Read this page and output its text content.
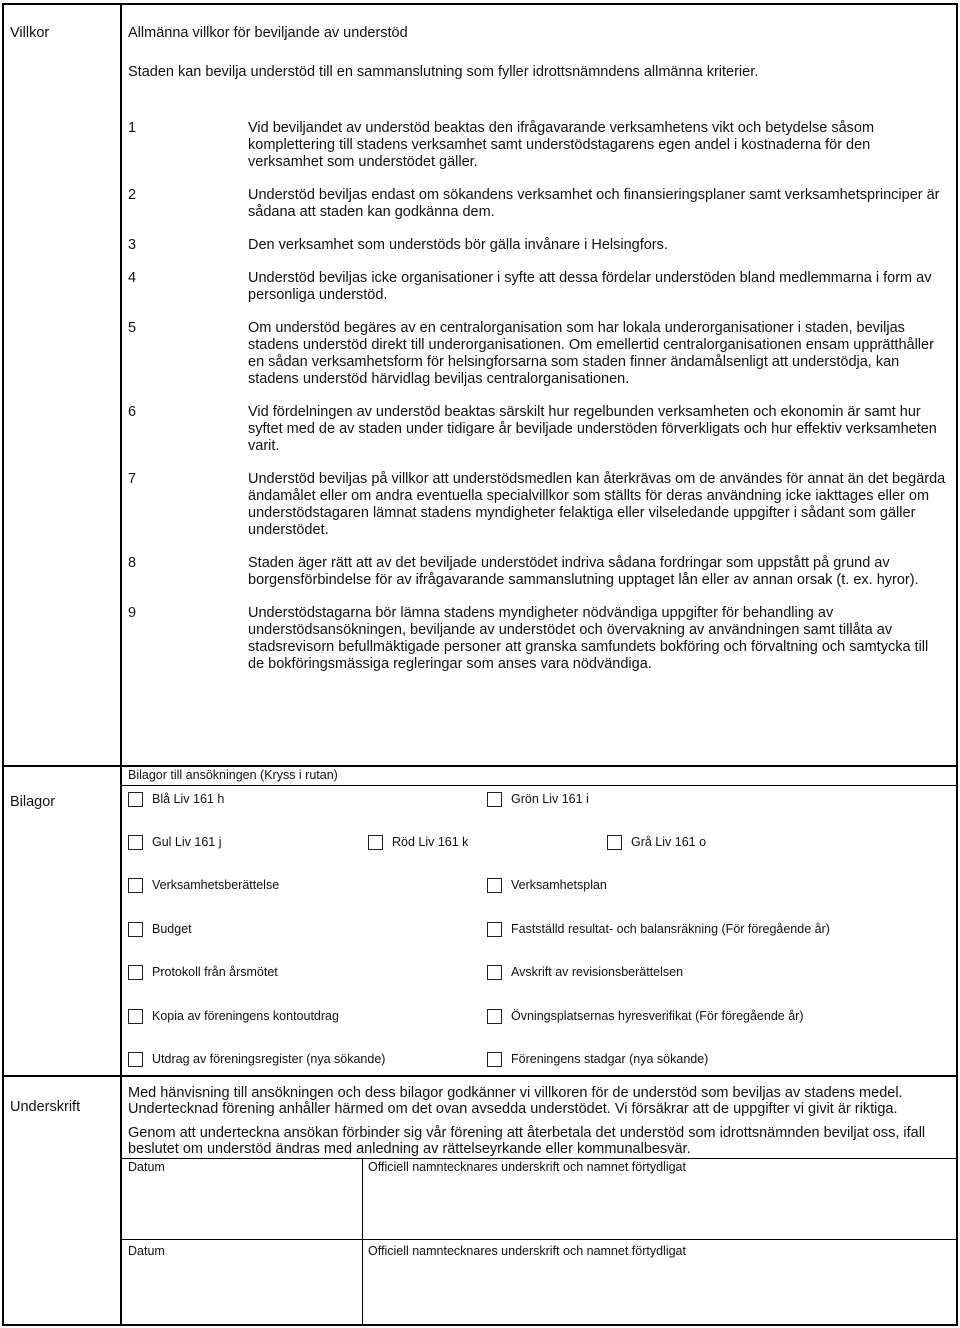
Villkor	Allmänna villkor för beviljande av understöd
Staden kan bevilja understöd till en sammanslutning som fyller idrottsnämndens allmänna kriterier.
1	Vid beviljandet av understöd beaktas den ifrågavarande verksamhetens vikt och betydelse såsom
komplettering till stadens verksamhet samt understödstagarens egen andel i kostnaderna för den
verksamhet som understödet gäller.
2	Understöd beviljas endast om sökandens verksamhet och finansieringsplaner samt verksamhetsprinciper är
sådana att staden kan godkänna dem.
3	Den verksamhet som understöds bör gälla invånare i Helsingfors.
4	Understöd beviljas icke organisationer i syfte att dessa fördelar understöden bland medlemmarna i form av
personliga understöd.
5	Om understöd begäres av en centralorganisation som har lokala underorganisationer i staden, beviljas
stadens understöd direkt till underorganisationen. Om emellertid centralorganisationen ensam upprätthåller
en sådan verksamhetsform för helsingforsarna som staden finner ändamålsenligt att understödja, kan
stadens understöd härvidlag beviljas centralorganisationen.
6	Vid fördelningen av understöd beaktas särskilt hur regelbunden verksamheten och ekonomin är samt hur
syftet med de av staden under tidigare år beviljade understöden förverkligats och hur effektiv verksamheten
varit.
7	Understöd beviljas på villkor att understödsmedlen kan återkrävas om de användes för annat än det begärda
ändamålet eller om andra eventuella specialvillkor som ställts för deras användning icke iakttages eller om
understödstagaren lämnat stadens myndigheter felaktiga eller vilseledande uppgifter i sådant som gäller
understödet.
8	Staden äger rätt att av det beviljade understödet indriva sådana fordringar som uppstått på grund av
borgensförbindelse för av ifrågavarande sammanslutning upptaget lån eller av annan orsak (t. ex. hyror).
9	Understödstagarna bör lämna stadens myndigheter nödvändiga uppgifter för behandling av
understödsansökningen, beviljande av understödet och övervakning av användningen samt tillåta av
stadsrevisorn befullmäktigade personer att granska samfundets bokföring och förvaltning och samtycka till
de bokföringsmässiga regleringar som anses vara nödvändiga.
Bilagor till ansökningen (Kryss i rutan)
Bilagor	Blå Liv 161 h	Grön Liv 161 i
Gul Liv 161 j	Röd Liv 161 k	Grå Liv 161 o
Verksamhetsberättelse	Verksamhetsplan
Budget	Fastställd resultat- och balansräkning (För föregående år)
Protokoll från årsmötet	Avskrift av revisionsberättelsen
Kopia av föreningens kontoutdrag	Övningsplatsernas hyresverifikat (För föregående år)
Utdrag av föreningsregister (nya sökande)	Föreningens stadgar (nya sökande)
Underskrift
Med hänvisning till ansökningen och dess bilagor godkänner vi villkoren för de understöd som beviljas av stadens medel.
Undertecknad förening anhåller härmed om det ovan avsedda understödet. Vi försäkrar att de uppgifter vi givit är riktiga.
Genom att underteckna ansökan förbinder sig vår förening att återbetala det understöd som idrottsnämnden beviljat oss, ifall
beslutet om understöd ändras med anledning av rättelseyrkande eller kommunalbesvär.
Datum	Officiell namntecknares underskrift och namnet förtydligat
Datum	Officiell namntecknares underskrift och namnet förtydligat
